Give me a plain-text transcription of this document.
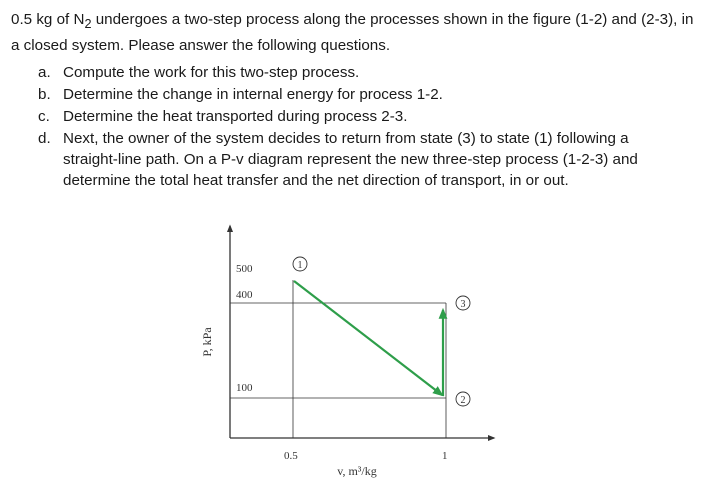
0.5 kg of $N_2$ undergoes a two-step process along the processes shown in the figure (1-2) and (2-3), in a closed system. Please answer the following questions.
a. Compute the work for this two-step process.
b. Determine the change in internal energy for process 1-2.
c. Determine the heat transported during process 2-3.
d. Next, the owner of the system decides to return from state (3) to state (1) following a straight-line path. On a P-v diagram represent the new three-step process (1-2-3) and determine the total heat transfer and the net direction of transport, in or out.
500
400
100
0.5	1
1
3
2
P, kPa
v, m³/kg
